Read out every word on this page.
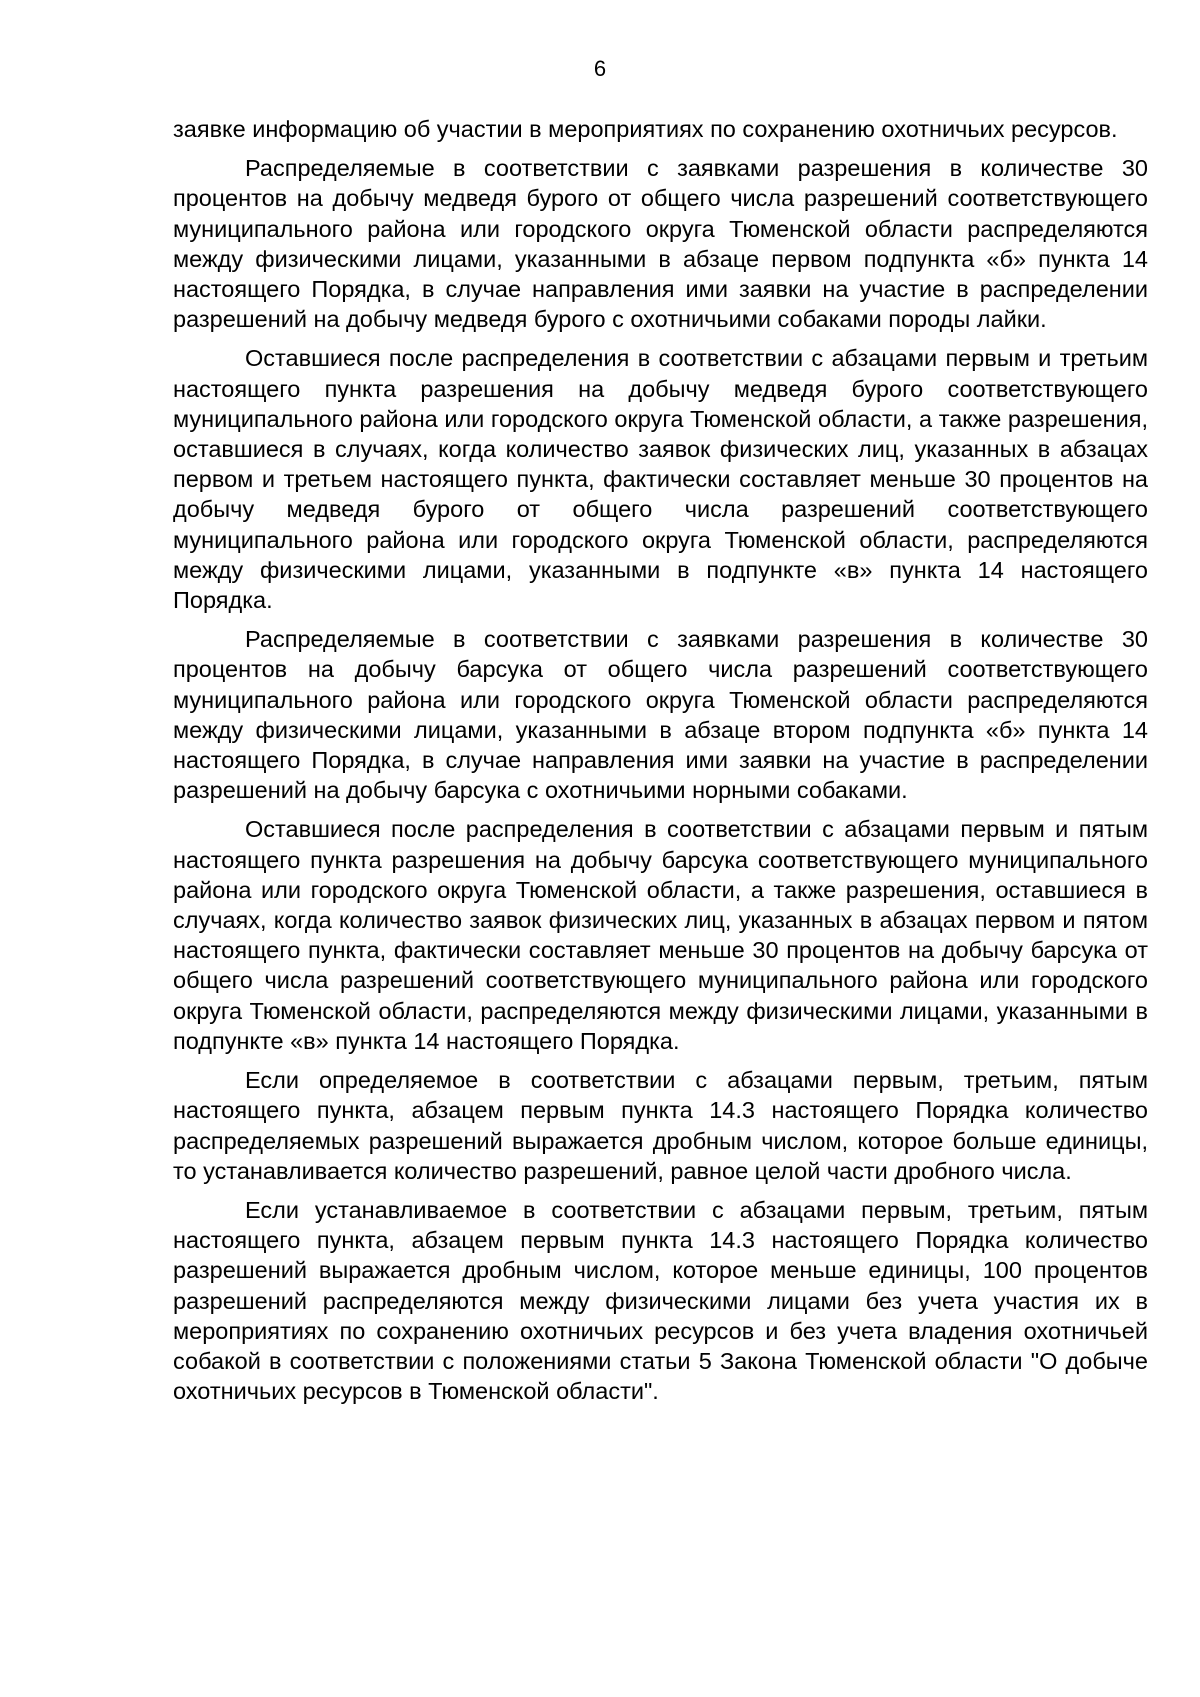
6

заявке информацию об участии в мероприятиях по сохранению охотничьих ресурсов.

Распределяемые в соответствии с заявками разрешения в количестве 30 процентов на добычу медведя бурого от общего числа разрешений соответствующего муниципального района или городского округа Тюменской области распределяются между физическими лицами, указанными в абзаце первом подпункта «б» пункта 14 настоящего Порядка, в случае направления ими заявки на участие в распределении разрешений на добычу медведя бурого с охотничьими собаками породы лайки.

Оставшиеся после распределения в соответствии с абзацами первым и третьим настоящего пункта разрешения на добычу медведя бурого соответствующего муниципального района или городского округа Тюменской области, а также разрешения, оставшиеся в случаях, когда количество заявок физических лиц, указанных в абзацах первом и третьем настоящего пункта, фактически составляет меньше 30 процентов на добычу медведя бурого от общего числа разрешений соответствующего муниципального района или городского округа Тюменской области, распределяются между физическими лицами, указанными в подпункте «в» пункта 14 настоящего Порядка.

Распределяемые в соответствии с заявками разрешения в количестве 30 процентов на добычу барсука от общего числа разрешений соответствующего муниципального района или городского округа Тюменской области распределяются между физическими лицами, указанными в абзаце втором подпункта «б» пункта 14 настоящего Порядка, в случае направления ими заявки на участие в распределении разрешений на добычу барсука с охотничьими норными собаками.

Оставшиеся после распределения в соответствии с абзацами первым и пятым настоящего пункта разрешения на добычу барсука соответствующего муниципального района или городского округа Тюменской области, а также разрешения, оставшиеся в случаях, когда количество заявок физических лиц, указанных в абзацах первом и пятом настоящего пункта, фактически составляет меньше 30 процентов на добычу барсука от общего числа разрешений соответствующего муниципального района или городского округа Тюменской области, распределяются между физическими лицами, указанными в подпункте «в» пункта 14 настоящего Порядка.

Если определяемое в соответствии с абзацами первым, третьим, пятым настоящего пункта, абзацем первым пункта 14.3 настоящего Порядка количество распределяемых разрешений выражается дробным числом, которое больше единицы, то устанавливается количество разрешений, равное целой части дробного числа.

Если устанавливаемое в соответствии с абзацами первым, третьим, пятым настоящего пункта, абзацем первым пункта 14.3 настоящего Порядка количество разрешений выражается дробным числом, которое меньше единицы, 100 процентов разрешений распределяются между физическими лицами без учета участия их в мероприятиях по сохранению охотничьих ресурсов и без учета владения охотничьей собакой в соответствии с положениями статьи 5 Закона Тюменской области "О добыче охотничьих ресурсов в Тюменской области".
